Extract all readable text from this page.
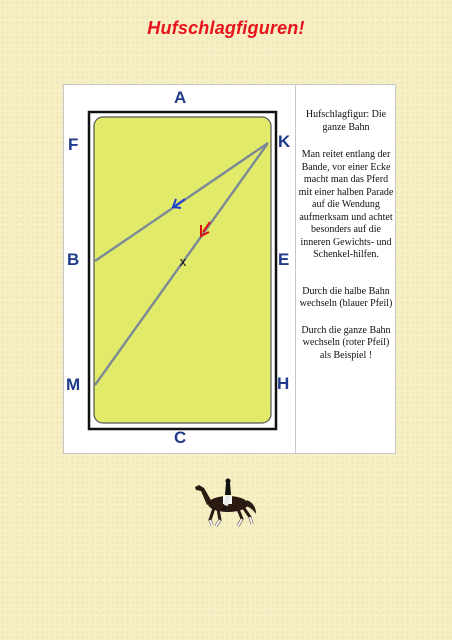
Hufschlagfiguren!
x
A
C
F	K
B	E
M	H

Hufschlagfigur: Die ganze Bahn

Man reitet entlang der Bande, vor einer Ecke macht man das Pferd mit einer halben Parade auf die Wendung aufmerksam und achtet besonders auf die inneren Gewichts- und Schenkel-hilfen.

Durch die halbe Bahn wechseln (blauer Pfeil)

Durch die ganze Bahn wechseln (roter Pfeil) als Beispiel !
